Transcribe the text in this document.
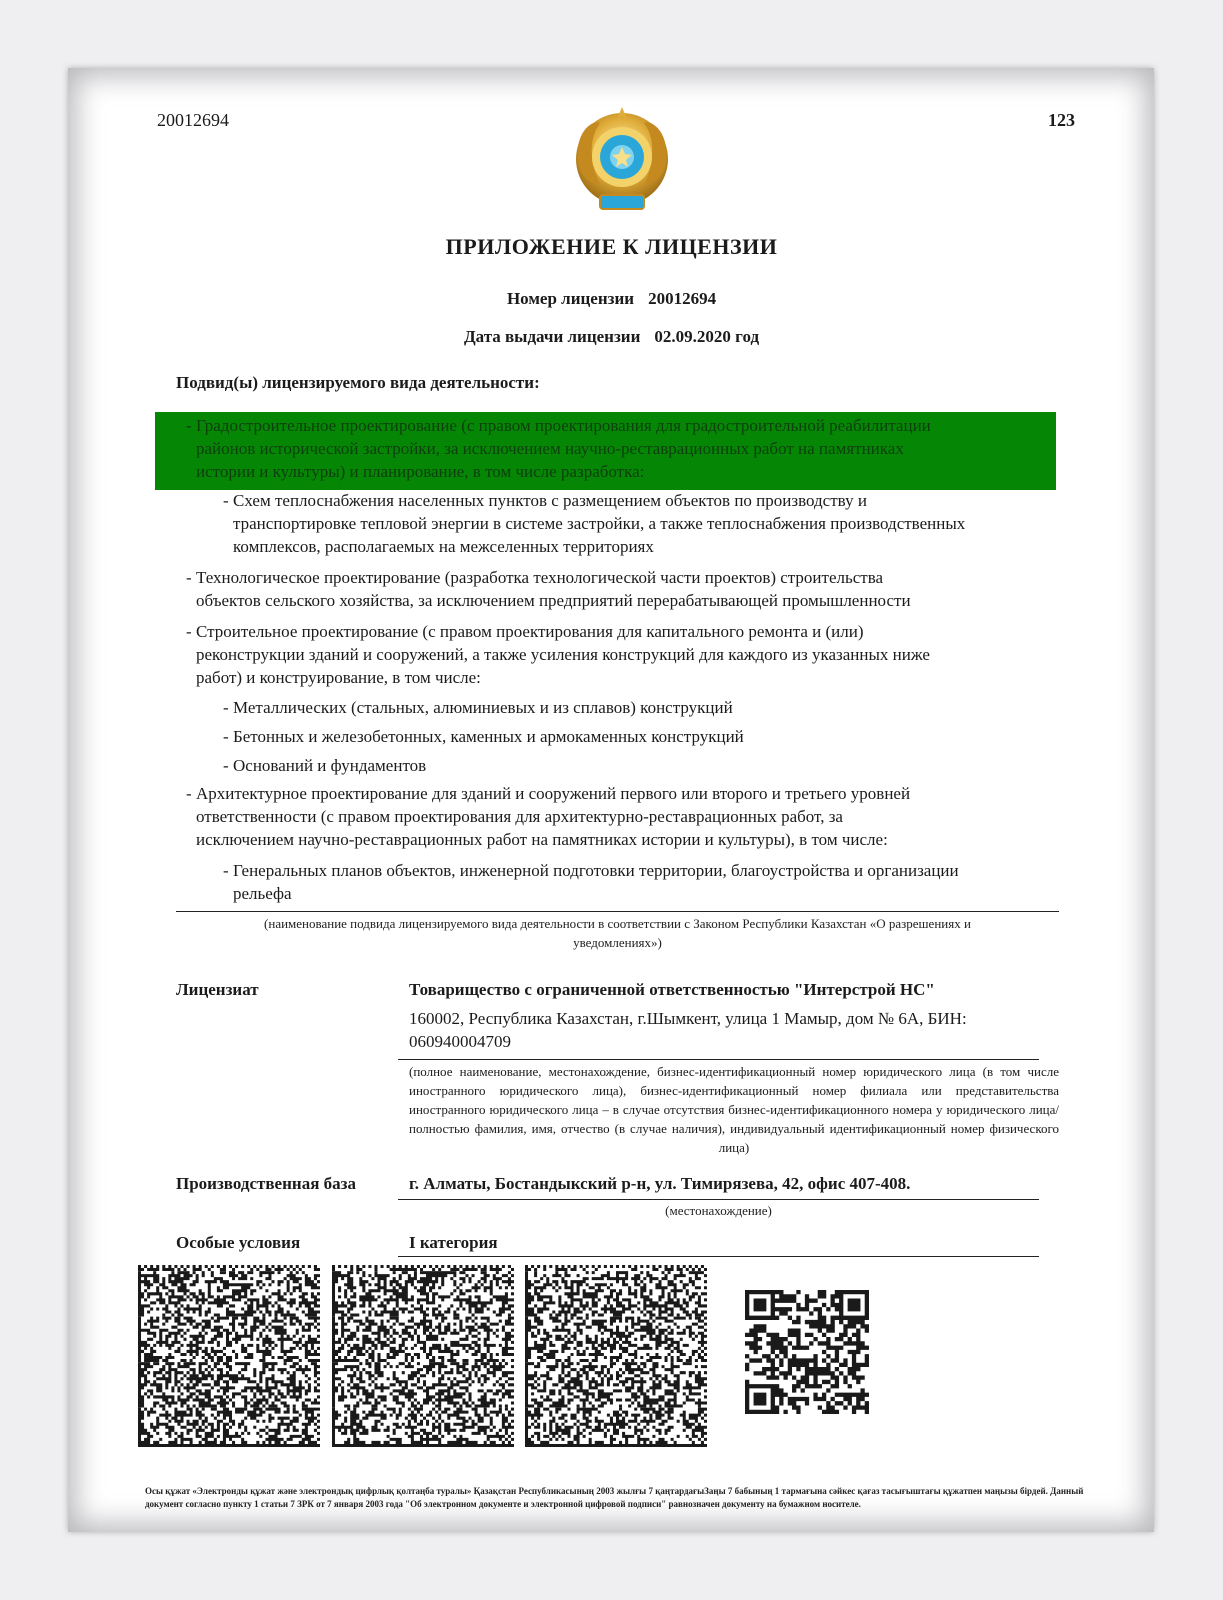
20012694	123
ПРИЛОЖЕНИЕ К ЛИЦЕНЗИИ
Номер лицензии 20012694
Дата выдачи лицензии 02.09.2020 год
Подвид(ы) лицензируемого вида деятельности:
- Градостроительное проектирование (с правом проектирования для градостроительной реабилитации
районов исторической застройки, за исключением научно-реставрационных работ на памятниках
истории и культуры) и планирование, в том числе разработка:
- Схем теплоснабжения населенных пунктов с размещением объектов по производству и
транспортировке тепловой энергии в системе застройки, а также теплоснабжения производственных
комплексов, располагаемых на межселенных территориях
- Технологическое проектирование (разработка технологической части проектов) строительства
объектов сельского хозяйства, за исключением предприятий перерабатывающей промышленности
- Строительное проектирование (с правом проектирования для капитального ремонта и (или)
реконструкции зданий и сооружений, а также усиления конструкций для каждого из указанных ниже
работ) и конструирование, в том числе:
- Металлических (стальных, алюминиевых и из сплавов) конструкций
- Бетонных и железобетонных, каменных и армокаменных конструкций
- Оснований и фундаментов
- Архитектурное проектирование для зданий и сооружений первого или второго и третьего уровней
ответственности (с правом проектирования для архитектурно-реставрационных работ, за
исключением научно-реставрационных работ на памятниках истории и культуры), в том числе:
- Генеральных планов объектов, инженерной подготовки территории, благоустройства и организации
рельефа
(наименование подвида лицензируемого вида деятельности в соответствии с Законом Республики Казахстан «О разрешениях и
уведомлениях»)
Лицензиат	Товарищество с ограниченной ответственностью "Интерстрой НС"
160002, Республика Казахстан, г.Шымкент, улица 1 Мамыр, дом № 6А, БИН: 060940004709
(полное наименование, местонахождение, бизнес-идентификационный номер юридического лица (в том числе иностранного юридического лица), бизнес-идентификационный номер филиала или представительства иностранного юридического лица – в случае отсутствия бизнес-идентификационного номера у юридического лица/полностью фамилия, имя, отчество (в случае наличия), индивидуальный идентификационный номер физического лица)
Производственная база	г. Алматы, Бостандыкский р-н, ул. Тимирязева, 42, офис 407-408.
(местонахождение)
Особые условия	I категория
Осы құжат «Электронды құжат және электрондық цифрлық қолтаңба туралы» Қазақстан Республикасының 2003 жылғы 7 қаңтардағыЗаңы 7 бабының 1 тармағына сәйкес қағаз тасығыштағы құжатпен маңызы бірдей. Данный документ согласно пункту 1 статьи 7 ЗРК от 7 января 2003 года "Об электронном документе и электронной цифровой подписи" равнозначен документу на бумажном носителе.
